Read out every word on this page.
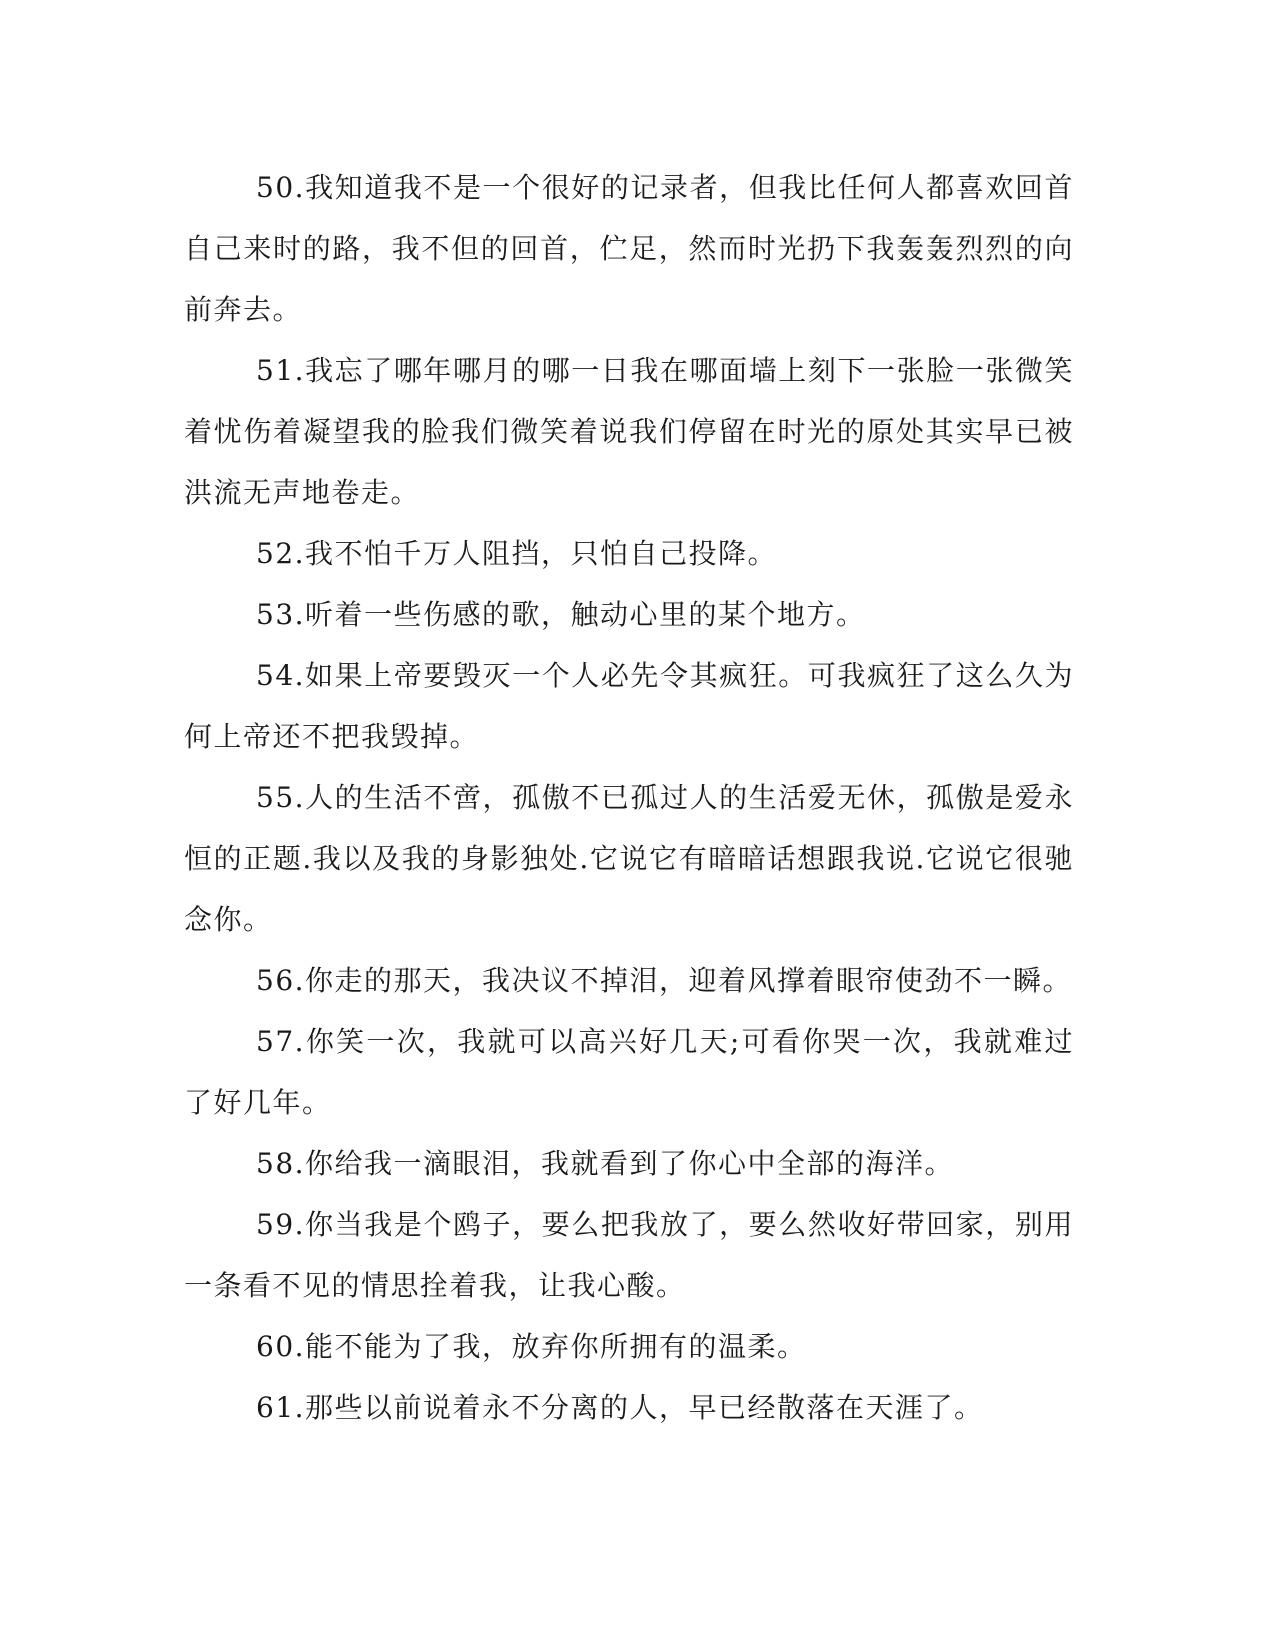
50.我知道我不是一个很好的记录者，但我比任何人都喜欢回首自己来时的路，我不但的回首，伫足，然而时光扔下我轰轰烈烈的向前奔去。

51.我忘了哪年哪月的哪一日我在哪面墙上刻下一张脸一张微笑着忧伤着凝望我的脸我们微笑着说我们停留在时光的原处其实早已被洪流无声地卷走。

52.我不怕千万人阻挡，只怕自己投降。

53.听着一些伤感的歌，触动心里的某个地方。

54.如果上帝要毁灭一个人必先令其疯狂。可我疯狂了这么久为何上帝还不把我毁掉。

55.人的生活不啻，孤傲不已孤过人的生活爱无休，孤傲是爱永恒的正题.我以及我的身影独处.它说它有暗暗话想跟我说.它说它很驰念你。

56.你走的那天，我决议不掉泪，迎着风撑着眼帘使劲不一瞬。

57.你笑一次，我就可以高兴好几天;可看你哭一次，我就难过了好几年。

58.你给我一滴眼泪，我就看到了你心中全部的海洋。

59.你当我是个鸥子，要么把我放了，要么然收好带回家，别用一条看不见的情思拴着我，让我心酸。

60.能不能为了我，放弃你所拥有的温柔。

61.那些以前说着永不分离的人，早已经散落在天涯了。
